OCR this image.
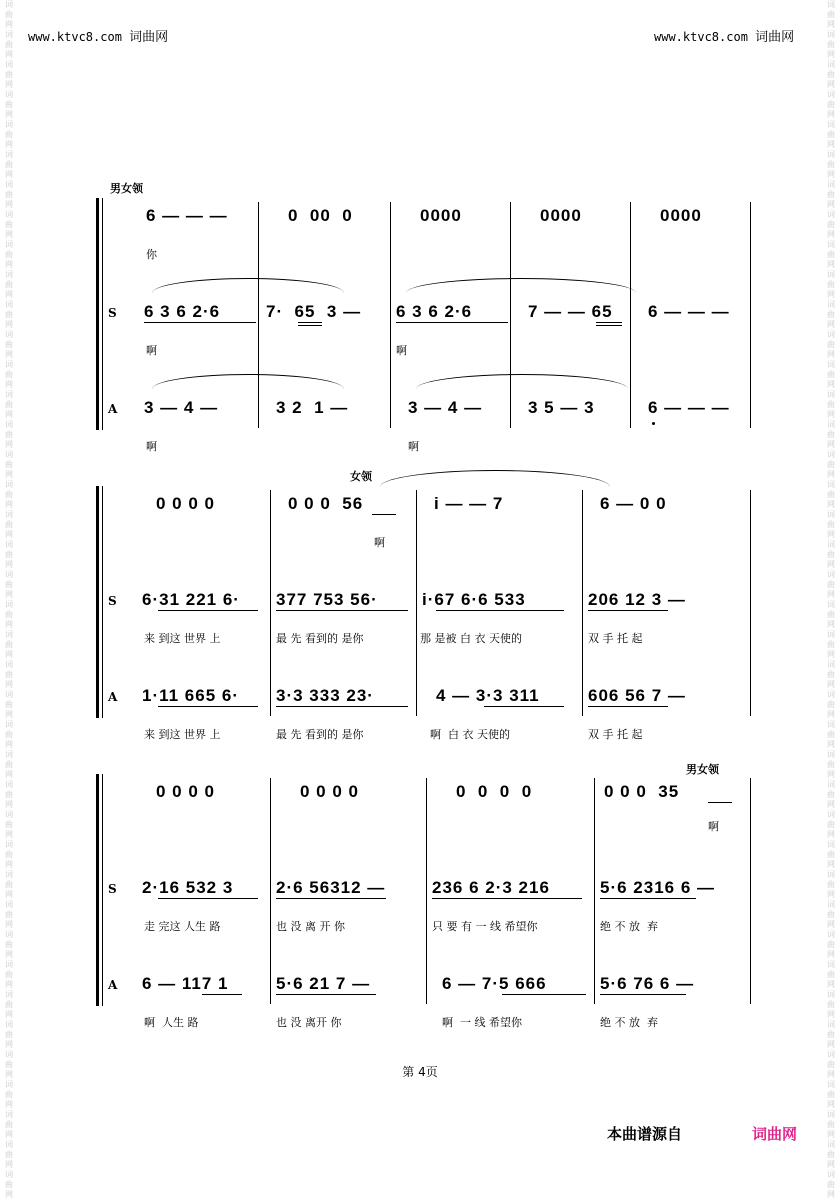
www.ktvc8.com 词曲网	www.ktvc8.com 词曲网
词曲网词曲网词曲网词曲网词曲网词曲网词曲网词曲网词曲网词曲网词曲网词曲网词曲网词曲网词曲网词曲网词曲网词曲网词曲网词曲网词曲网词曲网词曲网词曲网词曲网词曲网词曲网词曲网词曲网词曲网词曲网词曲网词曲网词曲网词曲网词曲网词曲网词曲网词曲网词曲网
词曲网词曲网词曲网词曲网词曲网词曲网词曲网词曲网词曲网词曲网词曲网词曲网词曲网词曲网词曲网词曲网词曲网词曲网词曲网词曲网词曲网词曲网词曲网词曲网词曲网词曲网词曲网词曲网词曲网词曲网词曲网词曲网词曲网词曲网词曲网词曲网词曲网词曲网词曲网词曲网
男女领
6 — — —	0  00  0	0000	0000	0000
你
S 6 3 6 2·6	7·  65  3 — 6 3 6 2·6	7 — — 65 6 — — —
啊	啊
A 3 — 4 —	3 2  1 —	3 — 4 —	3 5 — 3	6 — — —
啊	啊
女领
0 0 0 0	0 0 0  56	i — — 7	6 — 0 0
啊
S 6·31 221 6· 377 753 56·	i·67 6·6 533	206 12 3 —
来 到这 世界 上	最 先 看到的 是你	那 是被 白 衣 天使的	双 手 托 起
A 1·11 665 6· 3·3 333 23·	4 — 3·3 311	606 56 7 —
来 到这 世界 上	最 先 看到的 是你	啊  白 衣 天使的	双 手 托 起
男女领
0 0 0 0	0 0 0 0	0  0  0  0	0 0 0  35
啊
S 2·16 532 3	2·6 56312 —	236 6 2·3 216	5·6 2316 6 —
走 完这 人生 路	也 没 离 开 你	只 要 有 一 线 希望你	绝 不 放  弃
A 6 — 117 1	5·6 21 7 —	6 — 7·5 666	5·6 76 6 —
啊  人生 路	也 没 离开 你	啊  一 线 希望你	绝 不 放  弃
第 4页
本曲谱源自	词曲网
